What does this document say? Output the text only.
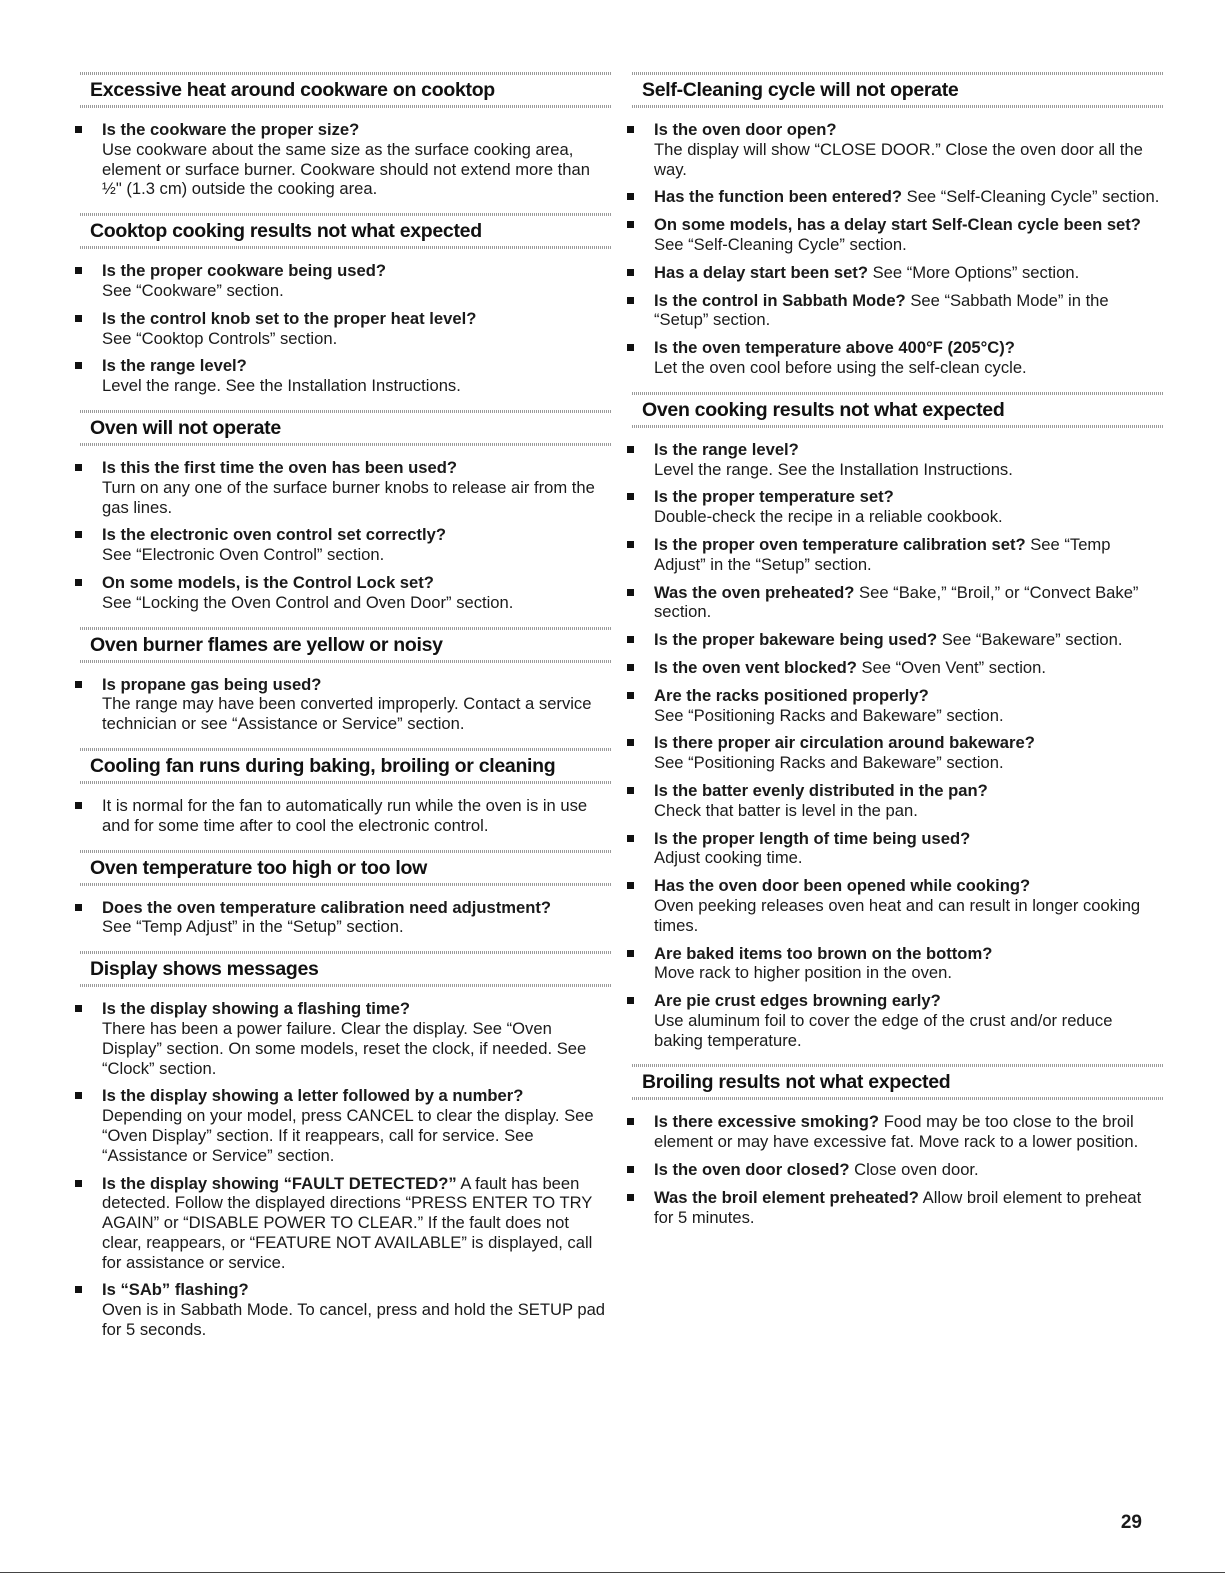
Excessive heat around cookware on cooktop
Is the cookware the proper size?
Use cookware about the same size as the surface cooking area, element or surface burner. Cookware should not extend more than ½" (1.3 cm) outside the cooking area.
Cooktop cooking results not what expected
Is the proper cookware being used?
See “Cookware” section.
Is the control knob set to the proper heat level?
See “Cooktop Controls” section.
Is the range level?
Level the range. See the Installation Instructions.
Oven will not operate
Is this the first time the oven has been used?
Turn on any one of the surface burner knobs to release air from the gas lines.
Is the electronic oven control set correctly?
See “Electronic Oven Control” section.
On some models, is the Control Lock set?
See “Locking the Oven Control and Oven Door” section.
Oven burner flames are yellow or noisy
Is propane gas being used?
The range may have been converted improperly. Contact a service technician or see “Assistance or Service” section.
Cooling fan runs during baking, broiling or cleaning
It is normal for the fan to automatically run while the oven is in use and for some time after to cool the electronic control.
Oven temperature too high or too low
Does the oven temperature calibration need adjustment?
See “Temp Adjust” in the “Setup” section.
Display shows messages
Is the display showing a flashing time?
There has been a power failure. Clear the display. See “Oven Display” section. On some models, reset the clock, if needed. See “Clock” section.
Is the display showing a letter followed by a number?
Depending on your model, press CANCEL to clear the display. See “Oven Display” section. If it reappears, call for service. See “Assistance or Service” section.
Is the display showing “FAULT DETECTED?” A fault has been detected. Follow the displayed directions “PRESS ENTER TO TRY AGAIN” or “DISABLE POWER TO CLEAR.” If the fault does not clear, reappears, or “FEATURE NOT AVAILABLE” is displayed, call for assistance or service.
Is “SAb” flashing?
Oven is in Sabbath Mode. To cancel, press and hold the SETUP pad for 5 seconds.
Self-Cleaning cycle will not operate
Is the oven door open?
The display will show “CLOSE DOOR.” Close the oven door all the way.
Has the function been entered? See “Self-Cleaning Cycle” section.
On some models, has a delay start Self-Clean cycle been set? See “Self-Cleaning Cycle” section.
Has a delay start been set? See “More Options” section.
Is the control in Sabbath Mode? See “Sabbath Mode” in the “Setup” section.
Is the oven temperature above 400°F (205°C)?
Let the oven cool before using the self-clean cycle.
Oven cooking results not what expected
Is the range level?
Level the range. See the Installation Instructions.
Is the proper temperature set?
Double-check the recipe in a reliable cookbook.
Is the proper oven temperature calibration set? See “Temp Adjust” in the “Setup” section.
Was the oven preheated? See “Bake,” “Broil,” or “Convect Bake” section.
Is the proper bakeware being used? See “Bakeware” section.
Is the oven vent blocked? See “Oven Vent” section.
Are the racks positioned properly?
See “Positioning Racks and Bakeware” section.
Is there proper air circulation around bakeware?
See “Positioning Racks and Bakeware” section.
Is the batter evenly distributed in the pan?
Check that batter is level in the pan.
Is the proper length of time being used?
Adjust cooking time.
Has the oven door been opened while cooking?
Oven peeking releases oven heat and can result in longer cooking times.
Are baked items too brown on the bottom?
Move rack to higher position in the oven.
Are pie crust edges browning early?
Use aluminum foil to cover the edge of the crust and/or reduce baking temperature.
Broiling results not what expected
Is there excessive smoking? Food may be too close to the broil element or may have excessive fat. Move rack to a lower position.
Is the oven door closed? Close oven door.
Was the broil element preheated? Allow broil element to preheat for 5 minutes.
29
